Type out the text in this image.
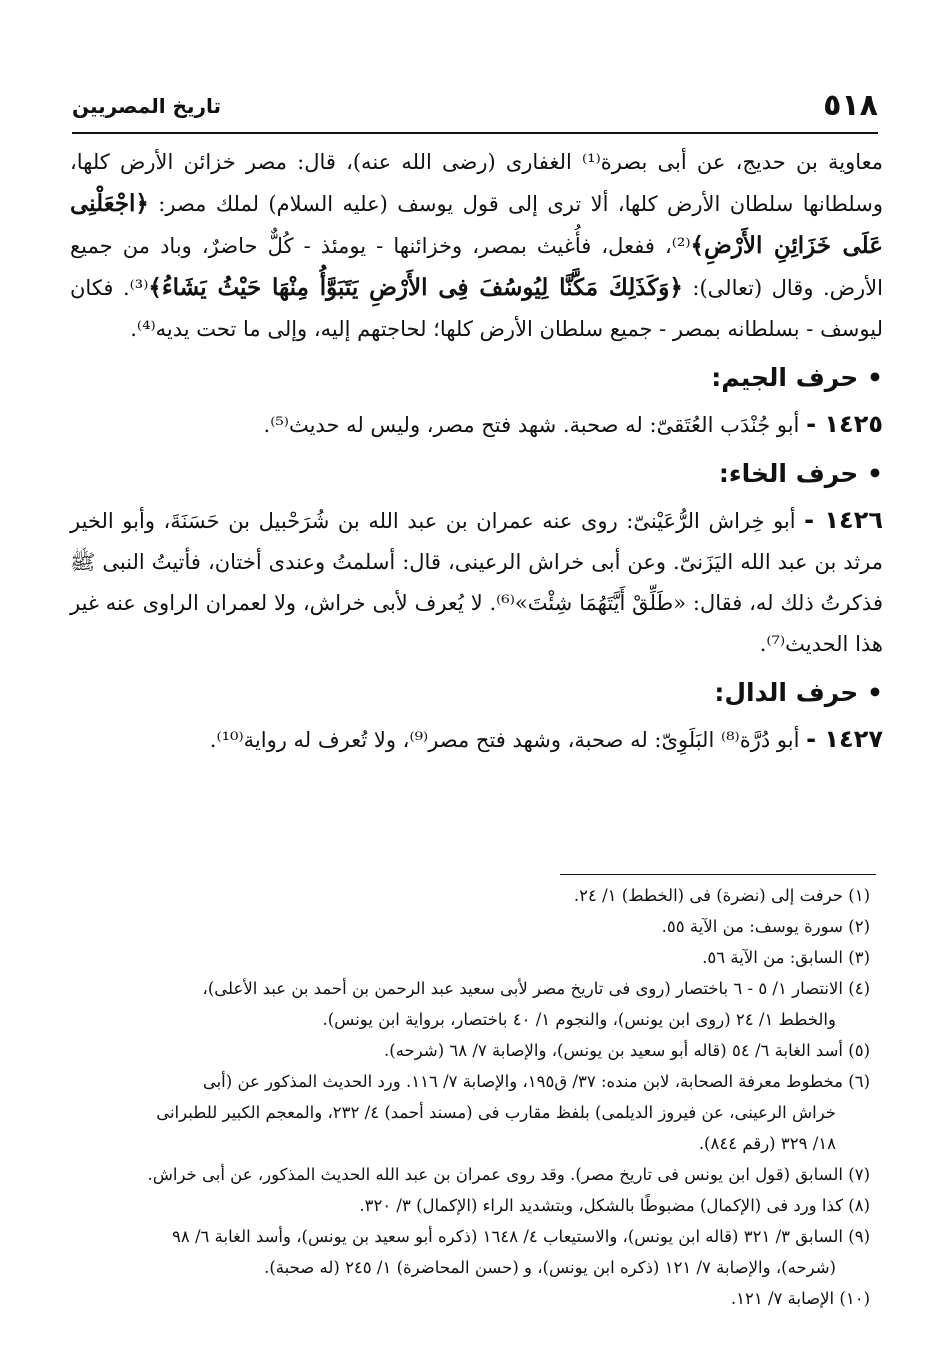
٥١٨
تاريخ المصريين

معاوية بن حديج، عن أبى بصرة⁽¹⁾ الغفارى (رضى الله عنه)، قال: مصر خزائن الأرض كلها، وسلطانها سلطان الأرض كلها، ألا ترى إلى قول يوسف (عليه السلام) لملك مصر: ﴿اجْعَلْنِى عَلَى خَزَائِنِ الأَرْضِ﴾⁽²⁾، ففعل، فأُغيث بمصر، وخزائنها - يومئذ - كُلٌّ حاضرٌ، وباد من جميع الأرض. وقال (تعالى): ﴿وَكَذَلِكَ مَكَّنَّا لِيُوسُفَ فِى الأَرْضِ يَتَبَوَّأُ مِنْهَا حَيْثُ يَشَاءُ﴾⁽³⁾. فكان ليوسف - بسلطانه بمصر - جميع سلطان الأرض كلها؛ لحاجتهم إليه، وإلى ما تحت يديه⁽⁴⁾.

• حرف الجيم:

١٤٢٥ - أبو جُنْدَب العُتَقىّ: له صحبة. شهد فتح مصر، وليس له حديث⁽⁵⁾.

• حرف الخاء:

١٤٢٦ - أبو خِراش الرُّعَيْنىّ: روى عنه عمران بن عبد الله بن شُرَحْبيل بن حَسَنَةَ، وأبو الخير مرثد بن عبد الله اليَزَنىّ. وعن أبى خراش الرعينى، قال: أسلمتُ وعندى أختان، فأتيتُ النبى ﷺ فذكرتُ ذلك له، فقال: «طَلِّقْ أَيَّتَهُمَا شِئْتَ»⁽⁶⁾. لا يُعرف لأبى خراش، ولا لعمران الراوى عنه غير هذا الحديث⁽⁷⁾.

• حرف الدال:

١٤٢٧ - أبو دُرَّة⁽⁸⁾ البَلَوِىّ: له صحبة، وشهد فتح مصر⁽⁹⁾، ولا تُعرف له رواية⁽¹⁰⁾.

(١) حرفت إلى (نضرة) فى (الخطط) ١/ ٢٤.

(٢) سورة يوسف: من الآية ٥٥.

(٣) السابق: من الآية ٥٦.

(٤) الانتصار ١/ ٥ - ٦ باختصار (روى فى تاريخ مصر لأبى سعيد عبد الرحمن بن أحمد بن عبد الأعلى)،
والخطط ١/ ٢٤ (روى ابن يونس)، والنجوم ١/ ٤٠ باختصار، برواية ابن يونس).

(٥) أسد الغابة ٦/ ٥٤ (قاله أبو سعيد بن يونس)، والإصابة ٧/ ٦٨ (شرحه).

(٦) مخطوط معرفة الصحابة، لابن منده: ٣٧/ ق١٩٥، والإصابة ٧/ ١١٦. ورد الحديث المذكور عن (أبى
خراش الرعينى، عن فيروز الديلمى) بلفظ مقارب فى (مسند أحمد) ٤/ ٢٣٢، والمعجم الكبير للطبرانى
١٨/ ٣٢٩ (رقم ٨٤٤).

(٧) السابق (قول ابن يونس فى تاريخ مصر). وقد روى عمران بن عبد الله الحديث المذكور، عن أبى خراش.

(٨) كذا ورد فى (الإكمال) مضبوطًا بالشكل، وبتشديد الراء (الإكمال) ٣/ ٣٢٠.

(٩) السابق ٣/ ٣٢١ (قاله ابن يونس)، والاستيعاب ٤/ ١٦٤٨ (ذكره أبو سعيد بن يونس)، وأسد الغابة ٦/ ٩٨
(شرحه)، والإصابة ٧/ ١٢١ (ذكره ابن يونس)، و (حسن المحاضرة) ١/ ٢٤٥ (له صحبة).

(١٠) الإصابة ٧/ ١٢١.
